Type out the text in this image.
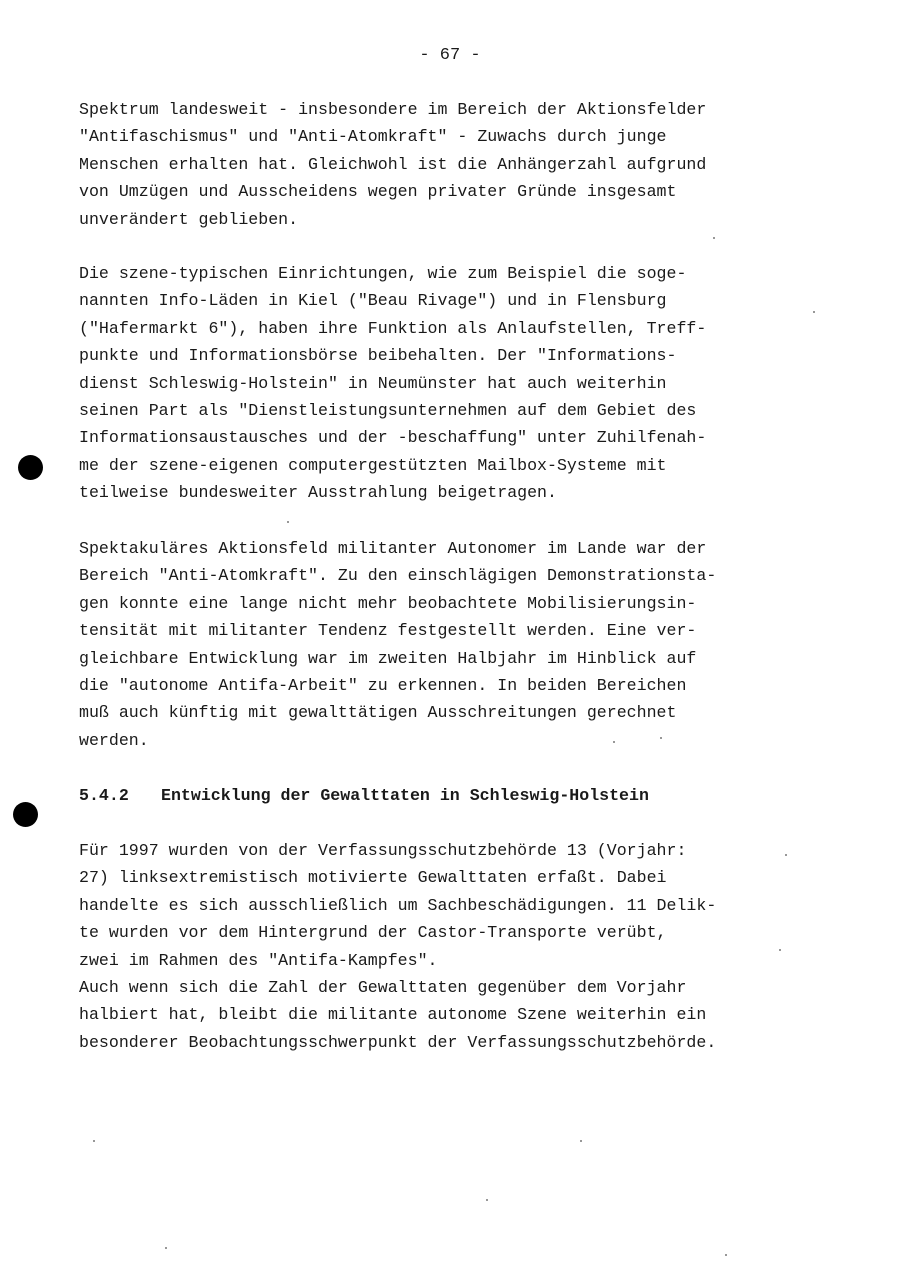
- 67 -
Spektrum landesweit - insbesondere im Bereich der Aktionsfelder
"Antifaschismus" und "Anti-Atomkraft" - Zuwachs durch junge
Menschen erhalten hat. Gleichwohl ist die Anhängerzahl aufgrund
von Umzügen und Ausscheidens wegen privater Gründe insgesamt
unverändert geblieben.
Die szene-typischen Einrichtungen, wie zum Beispiel die soge-
nannten Info-Läden in Kiel ("Beau Rivage") und in Flensburg
("Hafermarkt 6"), haben ihre Funktion als Anlaufstellen, Treff-
punkte und Informationsbörse beibehalten. Der "Informations-
dienst Schleswig-Holstein" in Neumünster hat auch weiterhin
seinen Part als "Dienstleistungsunternehmen auf dem Gebiet des
Informationsaustausches und der -beschaffung" unter Zuhilfenah-
me der szene-eigenen computergestützten Mailbox-Systeme mit
teilweise bundesweiter Ausstrahlung beigetragen.
Spektakuläres Aktionsfeld militanter Autonomer im Lande war der
Bereich "Anti-Atomkraft". Zu den einschlägigen Demonstrationsta-
gen konnte eine lange nicht mehr beobachtete Mobilisierungsin-
tensität mit militanter Tendenz festgestellt werden. Eine ver-
gleichbare Entwicklung war im zweiten Halbjahr im Hinblick auf
die "autonome Antifa-Arbeit" zu erkennen. In beiden Bereichen
muß auch künftig mit gewalttätigen Ausschreitungen gerechnet
werden.
5.4.2 Entwicklung der Gewalttaten in Schleswig-Holstein
Für 1997 wurden von der Verfassungsschutzbehörde 13 (Vorjahr:
27) linksextremistisch motivierte Gewalttaten erfaßt. Dabei
handelte es sich ausschließlich um Sachbeschädigungen. 11 Delik-
te wurden vor dem Hintergrund der Castor-Transporte verübt,
zwei im Rahmen des "Antifa-Kampfes".
Auch wenn sich die Zahl der Gewalttaten gegenüber dem Vorjahr
halbiert hat, bleibt die militante autonome Szene weiterhin ein
besonderer Beobachtungsschwerpunkt der Verfassungsschutzbehörde.
